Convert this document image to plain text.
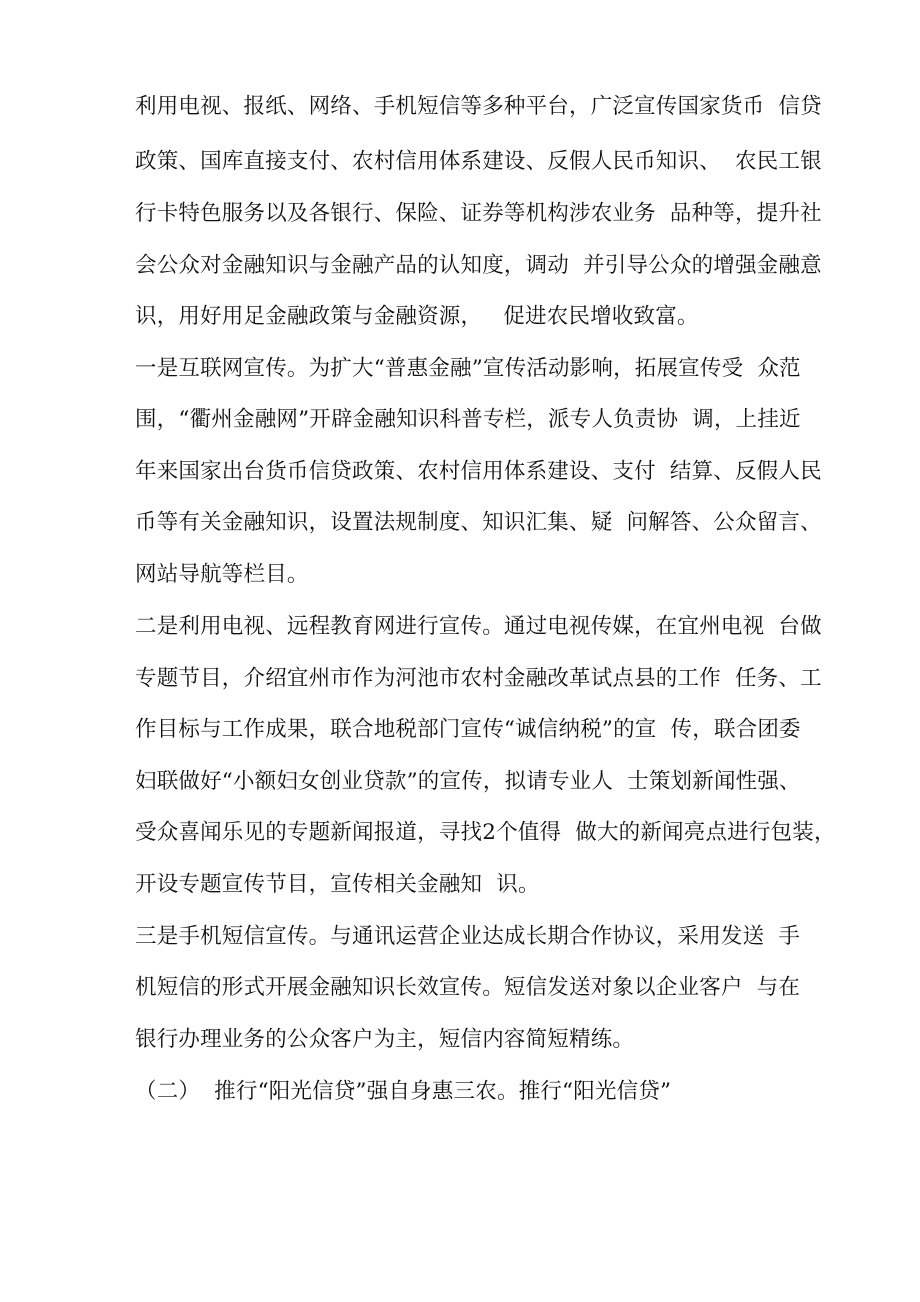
利用电视、报纸、网络、手机短信等多种平台，广泛宣传国家货币  信贷
政策、国库直接支付、农村信用体系建设、反假人民币知识、  农民工银
行卡特色服务以及各银行、保险、证券等机构涉农业务  品种等，提升社
会公众对金融知识与金融产品的认知度，调动  并引导公众的增强金融意
识，用好用足金融政策与金融资源，   促进农民增收致富。
一是互联网宣传。为扩大“普惠金融”宣传活动影响，拓展宣传受  众范
围，“衢州金融网”开辟金融知识科普专栏，派专人负责协  调，上挂近
年来国家出台货币信贷政策、农村信用体系建设、支付  结算、反假人民
币等有关金融知识，设置法规制度、知识汇集、疑  问解答、公众留言、
网站导航等栏目。
二是利用电视、远程教育网进行宣传。通过电视传媒，在宜州电视  台做
专题节目，介绍宜州市作为河池市农村金融改革试点县的工作  任务、工
作目标与工作成果，联合地税部门宣传“诚信纳税”的宣  传，联合团委
妇联做好“小额妇女创业贷款”的宣传，拟请专业人  士策划新闻性强、
受众喜闻乐见的专题新闻报道，寻找2个值得  做大的新闻亮点进行包装，
开设专题宣传节目，宣传相关金融知  识。
三是手机短信宣传。与通讯运营企业达成长期合作协议，采用发送  手
机短信的形式开展金融知识长效宣传。短信发送对象以企业客户  与在
银行办理业务的公众客户为主，短信内容简短精练。
（二）  推行“阳光信贷”强自身惠三农。推行“阳光信贷”
